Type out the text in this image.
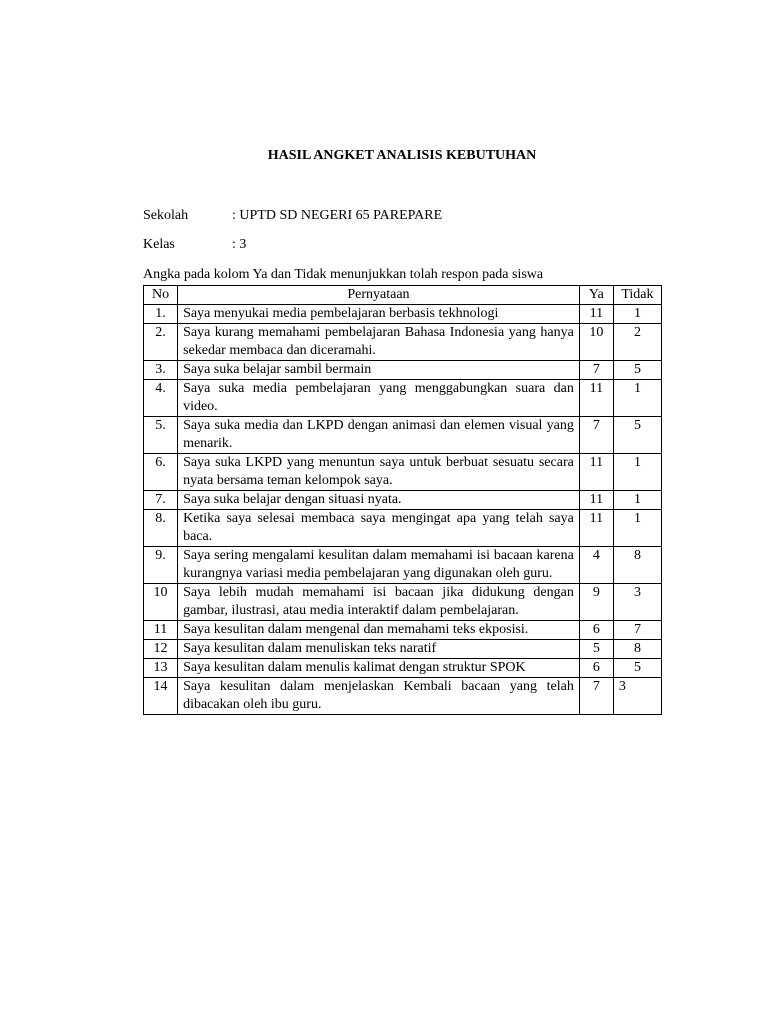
HASIL ANGKET ANALISIS KEBUTUHAN
Sekolah	: UPTD SD NEGERI 65 PAREPARE
Kelas	: 3
Angka pada kolom Ya dan Tidak menunjukkan tolah respon pada siswa
No	Pernyataan	Ya	Tidak
1.	Saya menyukai media pembelajaran berbasis tekhnologi	11	1
2.	Saya kurang memahami pembelajaran Bahasa Indonesia yang hanya sekedar membaca dan diceramahi.	10	2
3.	Saya suka belajar sambil bermain	7	5
4.	Saya suka media pembelajaran yang menggabungkan suara dan video.	11	1
5.	Saya suka media dan LKPD dengan animasi dan elemen visual yang menarik.	7	5
6.	Saya suka LKPD yang menuntun saya untuk berbuat sesuatu secara nyata bersama teman kelompok saya.	11	1
7.	Saya suka belajar dengan situasi nyata.	11	1
8.	Ketika saya selesai membaca saya mengingat apa yang telah saya baca.	11	1
9.	Saya sering mengalami kesulitan dalam memahami isi bacaan karena kurangnya variasi media pembelajaran yang digunakan oleh guru.	4	8
10	Saya lebih mudah memahami isi bacaan jika didukung dengan gambar, ilustrasi, atau media interaktif dalam pembelajaran.	9	3
11	Saya kesulitan dalam mengenal dan memahami teks ekposisi.	6	7
12	Saya kesulitan dalam menuliskan teks naratif	5	8
13	Saya kesulitan dalam menulis kalimat dengan struktur SPOK	6	5
14	Saya kesulitan dalam menjelaskan Kembali bacaan yang telah dibacakan oleh ibu guru.	7	3
